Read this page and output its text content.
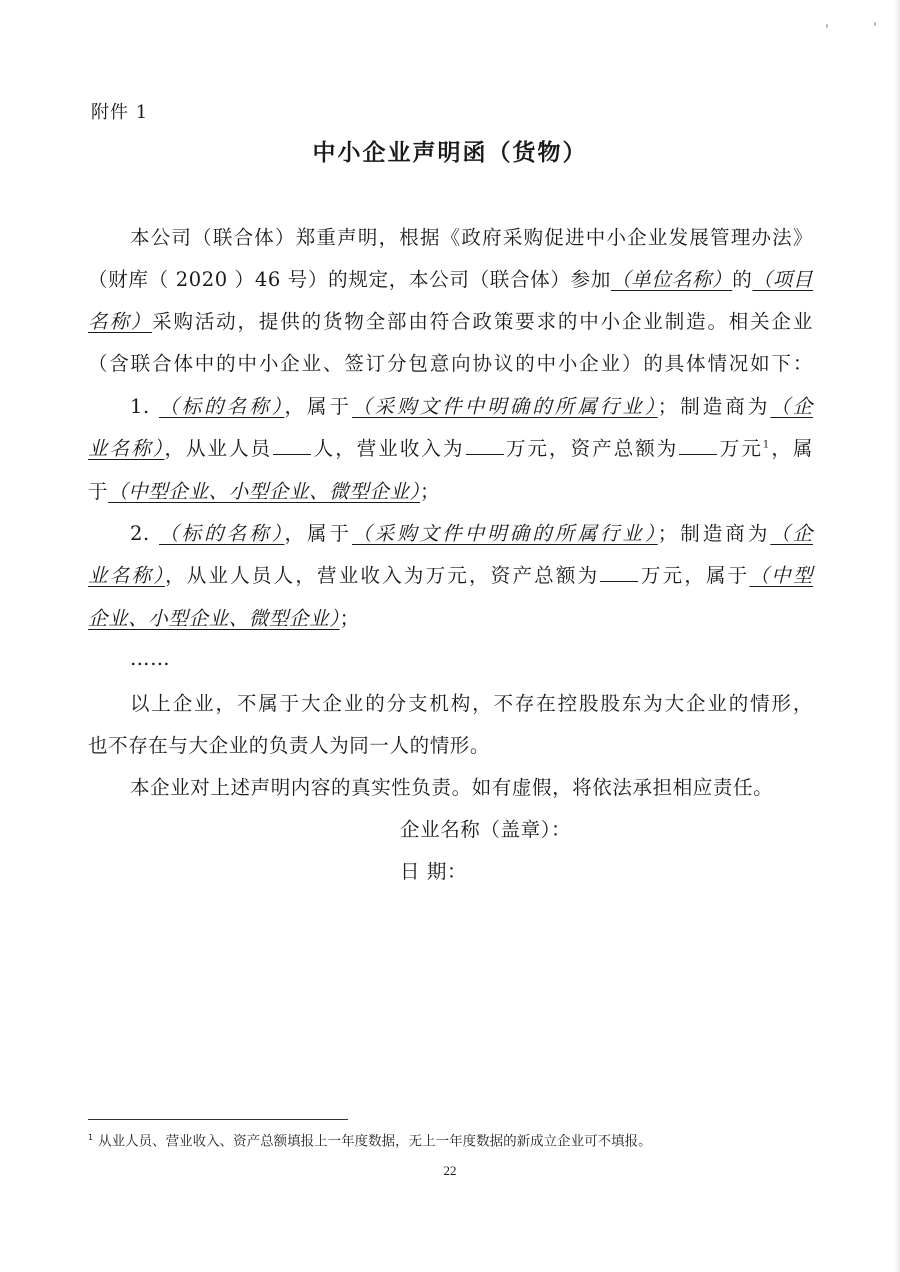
附件 1
中小企业声明函（货物）
本公司（联合体）郑重声明，根据《政府采购促进中小企业发展管理办法》
（财库（ 2020 ）46 号）的规定，本公司（联合体）参加（单位名称）的（项目
名称）采购活动，提供的货物全部由符合政策要求的中小企业制造。相关企业
（含联合体中的中小企业、签订分包意向协议的中小企业）的具体情况如下：
1. （标的名称），属于（采购文件中明确的所属行业）；制造商为（企
业名称），从业人员 人，营业收入为 万元，资产总额为 万元$^1$，属
于（中型企业、小型企业、微型企业）；
2. （标的名称），属于（采购文件中明确的所属行业）；制造商为（企
业名称），从业人员人，营业收入为万元，资产总额为 万元，属于（中型
企业、小型企业、微型企业）；
……
以上企业，不属于大企业的分支机构，不存在控股股东为大企业的情形，
也不存在与大企业的负责人为同一人的情形。
本企业对上述声明内容的真实性负责。如有虚假，将依法承担相应责任。
企业名称（盖章）：
日 期：
$^1$ 从业人员、营业收入、资产总额填报上一年度数据，无上一年度数据的新成立企业可不填报。
22
